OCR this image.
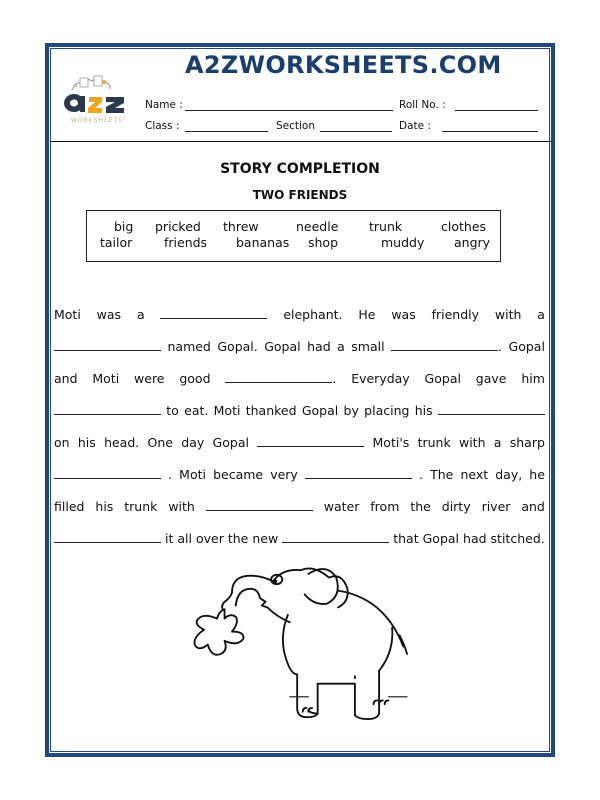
WORKSHEETS
A2ZWORKSHEETS.COM
Name :	Roll No. :
Class :	Section	Date :
STORY COMPLETION
TWO FRIENDS
big pricked threw	needle trunk	clothes
tailor	friends bananas shop	muddy angry
Moti was a	elephant. He was friendly with a
named Gopal. Gopal had a small	. Gopal
and Moti were good	. Everyday Gopal gave him
to eat. Moti thanked Gopal by placing his
on his head. One day Gopal	Moti's trunk with a sharp
. Moti became very	. The next day, he
filled his trunk with	water from the dirty river and
it all over the new	that Gopal had stitched.
